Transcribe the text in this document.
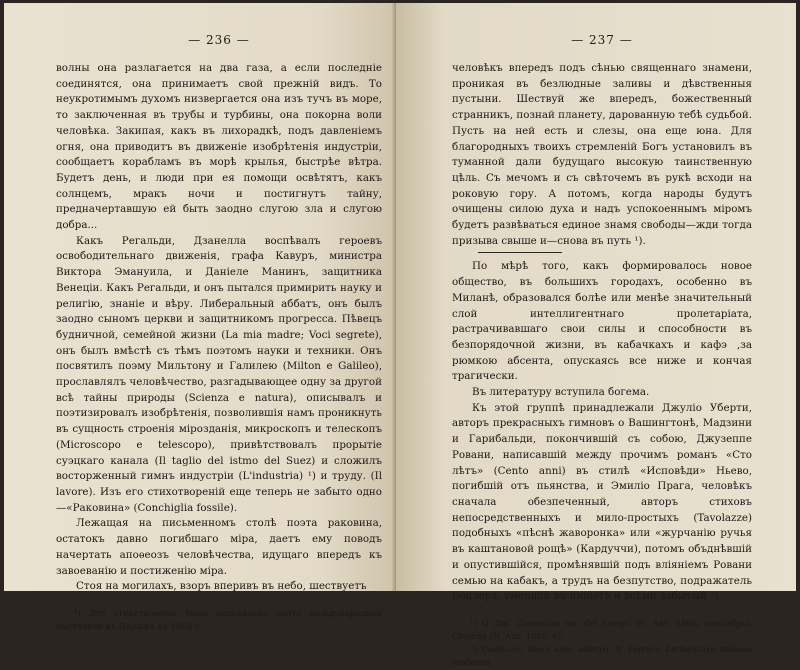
— 236 —

волны она разлагается на два газа, а если последніе соединятся, она принимаетъ свой прежній видъ. То неукротимымъ духомъ низвергается она изъ тучъ въ море, то заключенная въ трубы и турбины, она покорна воли человѣка. Закипая, какъ въ лихорадкѣ, подъ давленіемъ огня, она приводитъ въ движеніе изобрѣтенія индустріи, сообщаетъ корабламъ въ морѣ крылья, быстрѣе вѣтра. Будетъ день, и люди при ея помощи освѣтятъ, какъ солнцемъ, мракъ ночи и постигнутъ тайну, предначертавшую ей быть заодно слугою зла и слугою добра...

Какъ Регальди, Дзанелла воспѣвалъ героевъ освободительнаго движенія, графа Кавуръ, министра Виктора Эмануила, и Даніеле Манинъ, защитника Венеціи. Какъ Регальди, и онъ пытался примирить науку и религію, знаніе и вѣру. Либеральный аббатъ, онъ былъ заодно сыномъ церкви и защитникомъ прогресса. Пѣвецъ будничной, семейной жизни (La mia madre; Voci segrete), онъ былъ вмѣстѣ съ тѣмъ поэтомъ науки и техники. Онъ посвятилъ поэму Мильтону и Галилею (Milton e Galileo), прославлялъ человѣчество, разгадывающее одну за другой всѣ тайны природы (Scienza e natura), описывалъ и поэтизировалъ изобрѣтенія, позволившія намъ проникнуть въ сущность строенія мірозданія, микроскопъ и телескопъ (Microscopo e telescopo), привѣтствовалъ прорытіе суэцкаго канала (Il taglio del istmo del Suez) и сложилъ восторженный гимнъ индустріи (L'industria) ¹) и труду. (Il lavore). Изъ его стихотвореній еще теперь не забыто одно—«Раковина» (Conchiglia fossile).

Лежащая на письменномъ столѣ поэта раковина, остатокъ давно погибшаго міра, даетъ ему поводъ начертать апоѳеозъ человѣчества, идущаго впередъ къ завоеванію и постиженію міра.

Стоя на могилахъ, взоръ вперивъ въ небо, шествуетъ

¹) Это стихотвореніе было подсказано поэту международной выставкой въ Парижѣ въ 1864 г.

— 237 —

человѣкъ впередъ подъ сѣнью священнаго знамени, проникая въ безлюдные заливы и дѣвственныя пустыни. Шествуй же впередъ, божественный странникъ, познай планету, дарованную тебѣ судьбой. Пусть на ней есть и слезы, она еще юна. Для благородныхъ твоихъ стремленій Богъ установилъ въ туманной дали будущаго высокую таинственную цѣль. Съ мечомъ и съ свѣточемъ въ рукѣ всходи на роковую гору. А потомъ, когда народы будутъ очищены силою духа и надъ успокоеннымъ міромъ будетъ развѣваться единое знамя свободы—жди тогда призыва свыше и—снова въ путь ¹).

По мѣрѣ того, какъ формировалось новое общество, въ большихъ городахъ, особенно въ Миланѣ, образовался болѣе или менѣе значительный слой интеллигентнаго пролетаріата, растрачивавшаго свои силы и способности въ безпорядочной жизни, въ кабачкахъ и кафэ ,за рюмкою абсента, опускаясь все ниже и кончая трагически.

Въ литературу вступила богема.

Къ этой группѣ принадлежали Джуліо Уберти, авторъ прекрасныхъ гимновъ о Вашингтонѣ, Мадзини и Гарибальди, покончившій съ собою, Джузеппе Ровани, написавшій между прочимъ романъ «Сто лѣтъ» (Cento anni) въ стилѣ «Исповѣди» Ньево, погибшій отъ пьянства, и Эмиліо Прага, человѣкъ сначала обезпеченный, авторъ стиховъ непосредственныхъ и мило-простыхъ (Tavolazze) подобныхъ «пѣснѣ жаворонка» или «журчанію ручья въ каштановой рощѣ» (Кардуччи), потомъ объднѣвшій и опустившійся, промѣнявшій подъ вліяніемъ Ровани семью на кабакъ, а трудъ на безпутство, подражатель Бодлера, умершій въ нищетѣ и всѣми забытый ²).

¹) О Дж. Дзэнелла см. del Lungo (N. Ant. 1868, сентябрь). Chiarini (N. Ant. 1886, 6).

²) Carducci: Dieci anni adietro. V. Ferrari: Letteratura italiana moderna.
